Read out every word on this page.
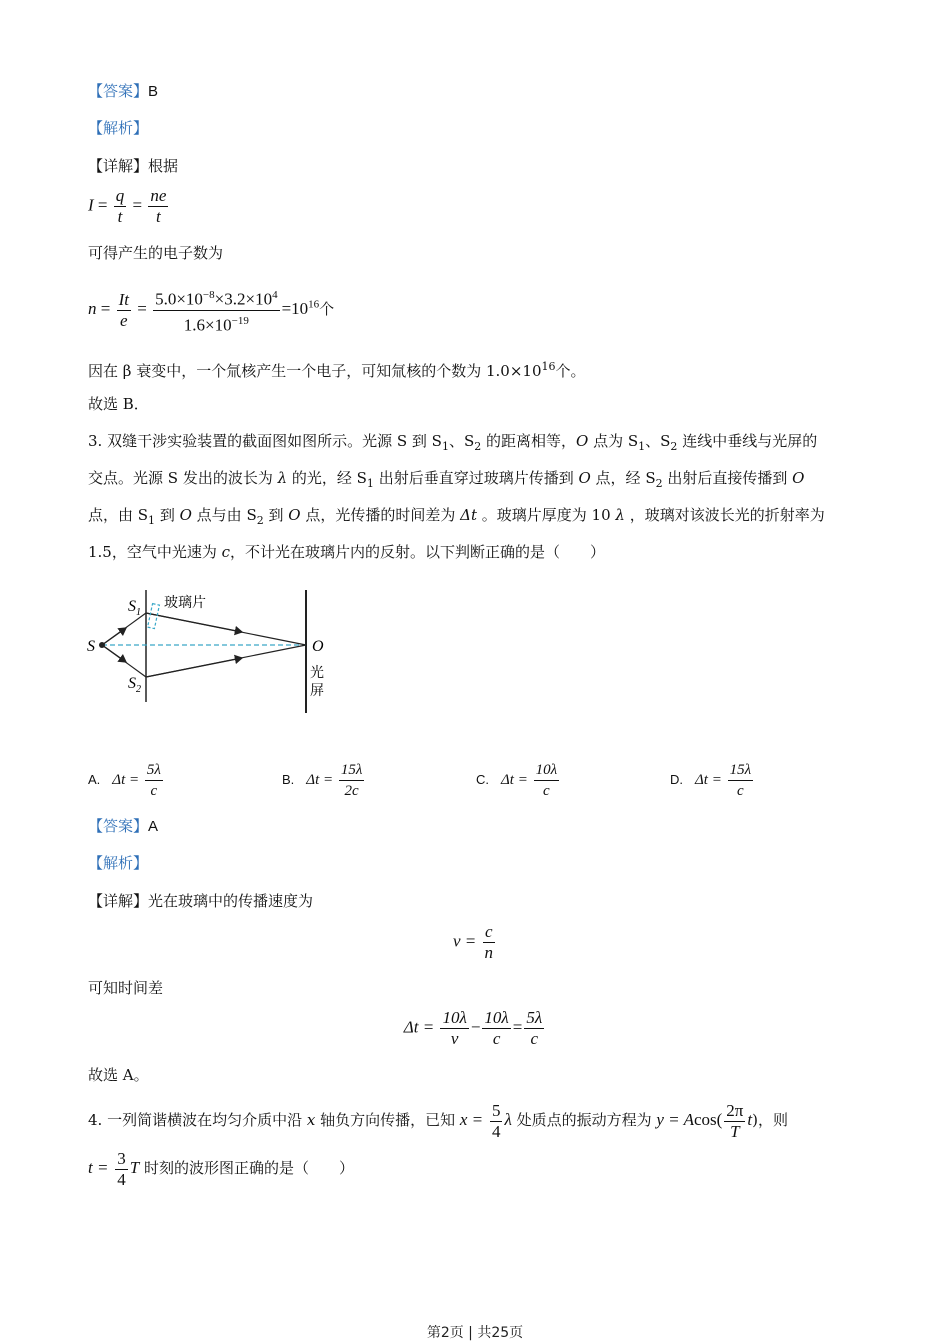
【答案】B
【解析】
【详解】根据
$I = \frac{q}{t} = \frac{ne}{t}$
可得产生的电子数为
$n = \frac{It}{e} = \frac{5.0\times 10^{-8}\times 3.2\times 10^4}{1.6\times 10^{-19}} =10^{16}$个
因在 β 衰变中，一个氚核产生一个电子，可知氚核的个数为 $1.0\times 10^{16}$个。
故选 B．
3. 双缝干涉实验装置的截面图如图所示。光源 S 到 $S_1$、$S_2$ 的距离相等，O 点为 $S_1$、$S_2$ 连线中垂线与光屏的
交点。光源 S 发出的波长为 λ 的光，经 $S_1$ 出射后垂直穿过玻璃片传播到 O 点，经 $S_2$ 出射后直接传播到 O
点，由 $S_1$ 到 O 点与由 $S_2$ 到 O 点，光传播的时间差为 Δt 。玻璃片厚度为 10 λ ，玻璃对该波长光的折射率为
1.5，空气中光速为 c，不计光在玻璃片内的反射。以下判断正确的是（　　）
S
$S_1$
$S_2$
玻璃片
O
光
屏
A. $\Delta t = \frac{5\lambda}{c}$	B. $\Delta t = \frac{15\lambda}{2c}$	C. $\Delta t = \frac{10\lambda}{c}$	D. $\Delta t = \frac{15\lambda}{c}$
【答案】A
【解析】
【详解】光在玻璃中的传播速度为
$v = \frac{c}{n}$
可知时间差
$\Delta t = \frac{10\lambda}{v} - \frac{10\lambda}{c} = \frac{5\lambda}{c}$
故选 A。
4. 一列简谐横波在均匀介质中沿 x 轴负方向传播，已知 $x = \frac{5}{4}$ λ 处质点的振动方程为 $y = Acos( \frac{2\pi}{T} t)$，则
$t = \frac{3}{4}$ T 时刻的波形图正确的是（　　）
第2页 | 共25页
